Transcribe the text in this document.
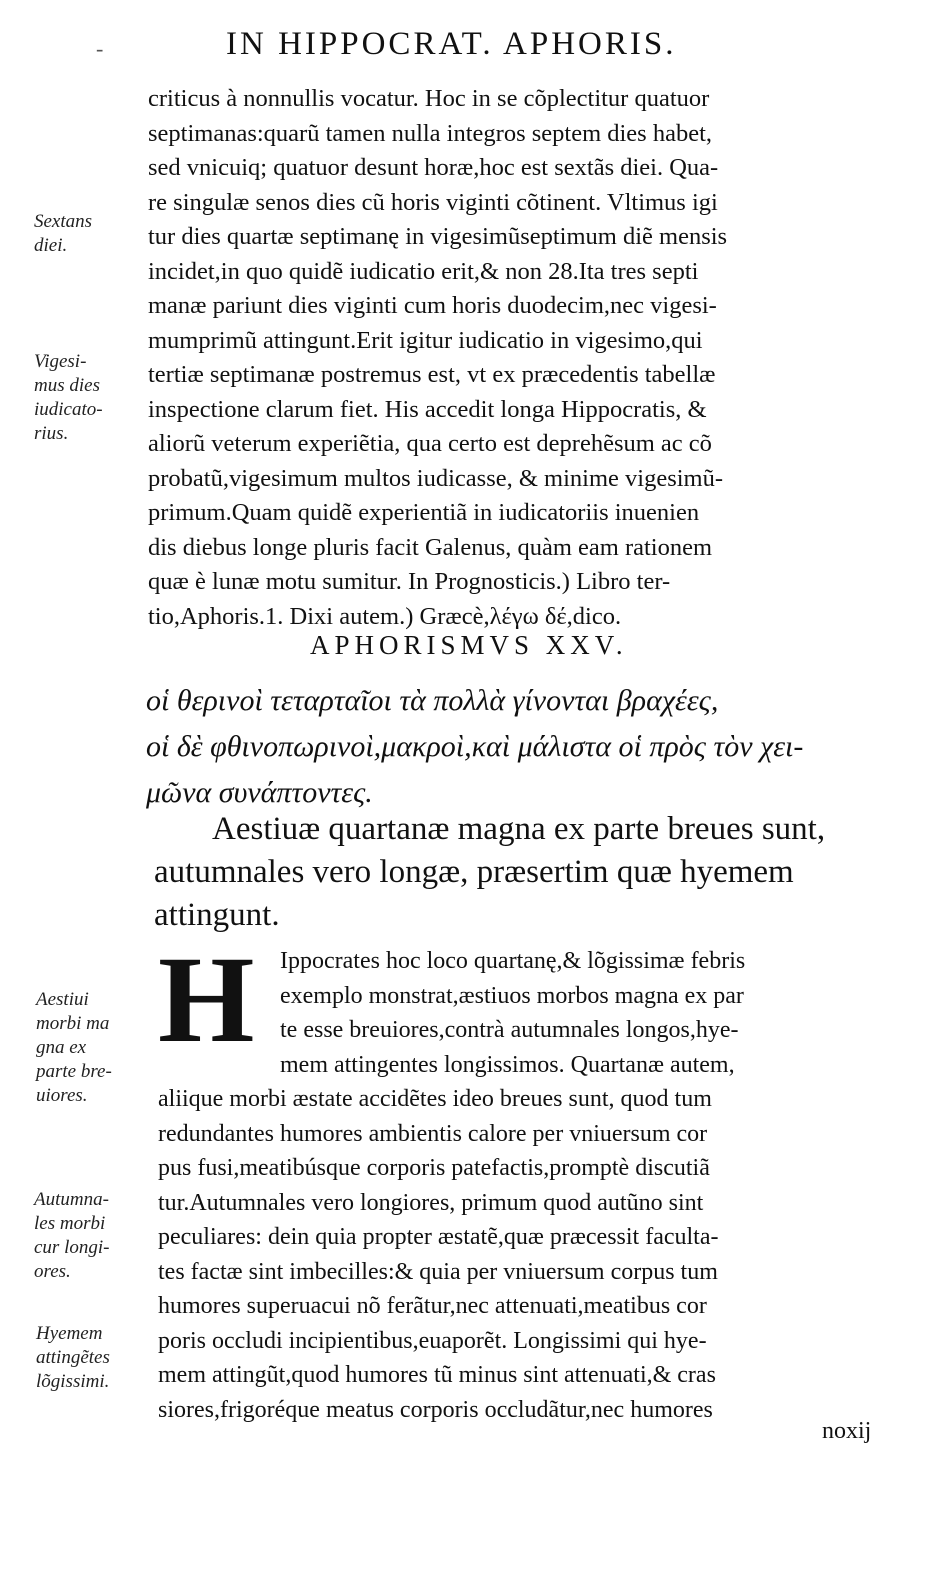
-	IN HIPPOCRAT. APHORIS.
Sextans
diei.
Vigesi-
mus dies
iudicato-
rius.
Aestiui
morbi ma
gna ex
parte bre-
uiores.
Autumna-
les morbi
cur longi-
ores.
Hyemem
attingẽtes
lõgissimi.
criticus à nonnullis vocatur. Hoc in se cõplectitur quatuor
septimanas:quarũ tamen nulla integros septem dies habet,
sed vnicuiq; quatuor desunt horæ,hoc est sextãs diei. Qua-
re singulæ senos dies cũ horis viginti cõtinent. Vltimus igi
tur dies quartæ septimanę in vigesimũseptimum diẽ mensis
incidet,in quo quidẽ iudicatio erit,& non 28.Ita tres septi
manæ pariunt dies viginti cum horis duodecim,nec vigesi-
mumprimũ attingunt.Erit igitur iudicatio in vigesimo,qui
tertiæ septimanæ postremus est, vt ex præcedentis tabellæ
inspectione clarum fiet. His accedit longa Hippocratis, &
aliorũ veterum experiẽtia, qua certo est deprehẽsum ac cõ
probatũ,vigesimum multos iudicasse, & minime vigesimũ-
primum.Quam quidẽ experientiã in iudicatoriis inuenien
dis diebus longe pluris facit Galenus, quàm eam rationem
quæ è lunæ motu sumitur. In Prognosticis.) Libro ter-
tio,Aphoris.1. Dixi autem.) Græcè,λέγω δέ,dico.
APHORISMVS XXV.
οἱ θερινοὶ τεταρταῖοι τὰ πολλὰ γίνονται βραχέες,
οἱ δὲ φθινοπωρινοὶ,μακροὶ,καὶ μάλιστα οἱ πρὸς τὸν χει-
μῶνα συνάπτοντες.
Aestiuæ quartanæ magna ex parte breues sunt,
autumnales vero longæ, præsertim quæ hyemem
attingunt.
H Ippocrates hoc loco quartanę,& lõgissimæ febris
exemplo monstrat,æstiuos morbos magna ex par
te esse breuiores,contrà autumnales longos,hye-
mem attingentes longissimos. Quartanæ autem,
aliique morbi æstate accidẽtes ideo breues sunt, quod tum
redundantes humores ambientis calore per vniuersum cor
pus fusi,meatibúsque corporis patefactis,promptè discutiã
tur.Autumnales vero longiores, primum quod autũno sint
peculiares: dein quia propter æstatẽ,quæ præcessit faculta-
tes factæ sint imbecilles:& quia per vniuersum corpus tum
humores superuacui nõ ferãtur,nec attenuati,meatibus cor
poris occludi incipientibus,euaporẽt. Longissimi qui hye-
mem attingũt,quod humores tũ minus sint attenuati,& cras
siores,frigoréque meatus corporis occludãtur,nec humores
noxij
